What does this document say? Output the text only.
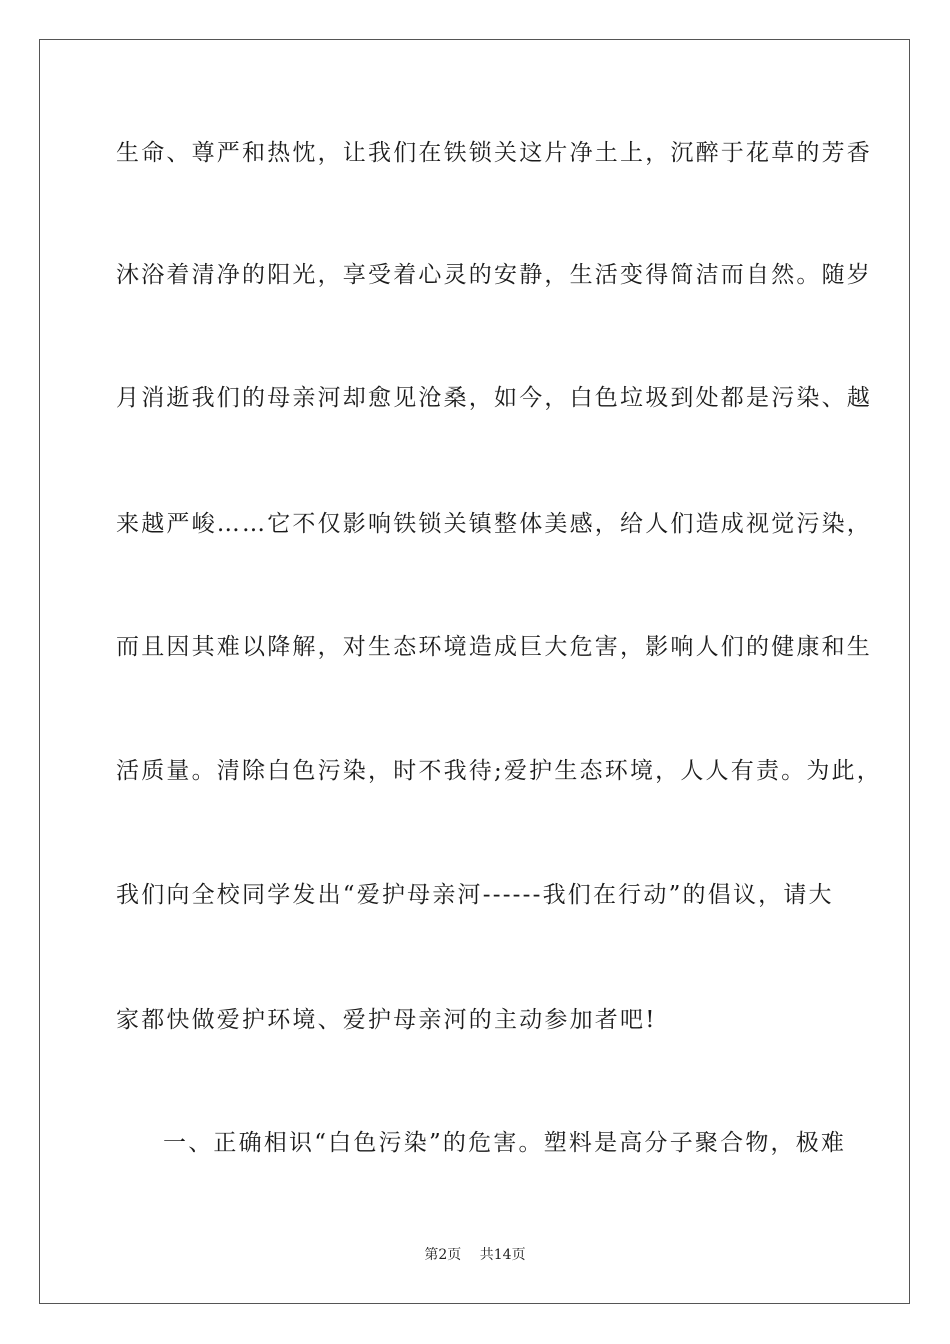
生命、尊严和热忱，让我们在铁锁关这片净土上，沉醉于花草的芳香

沐浴着清净的阳光，享受着心灵的安静，生活变得简洁而自然。随岁

月消逝我们的母亲河却愈见沧桑，如今，白色垃圾到处都是污染、越

来越严峻……它不仅影响铁锁关镇整体美感，给人们造成视觉污染，

而且因其难以降解，对生态环境造成巨大危害，影响人们的健康和生

活质量。清除白色污染，时不我待;爱护生态环境，人人有责。为此，

我们向全校同学发出“爱护母亲河------我们在行动”的倡议，请大

家都快做爱护环境、爱护母亲河的主动参加者吧!

一、正确相识“白色污染”的危害。塑料是高分子聚合物，极难

第2页 共14页
